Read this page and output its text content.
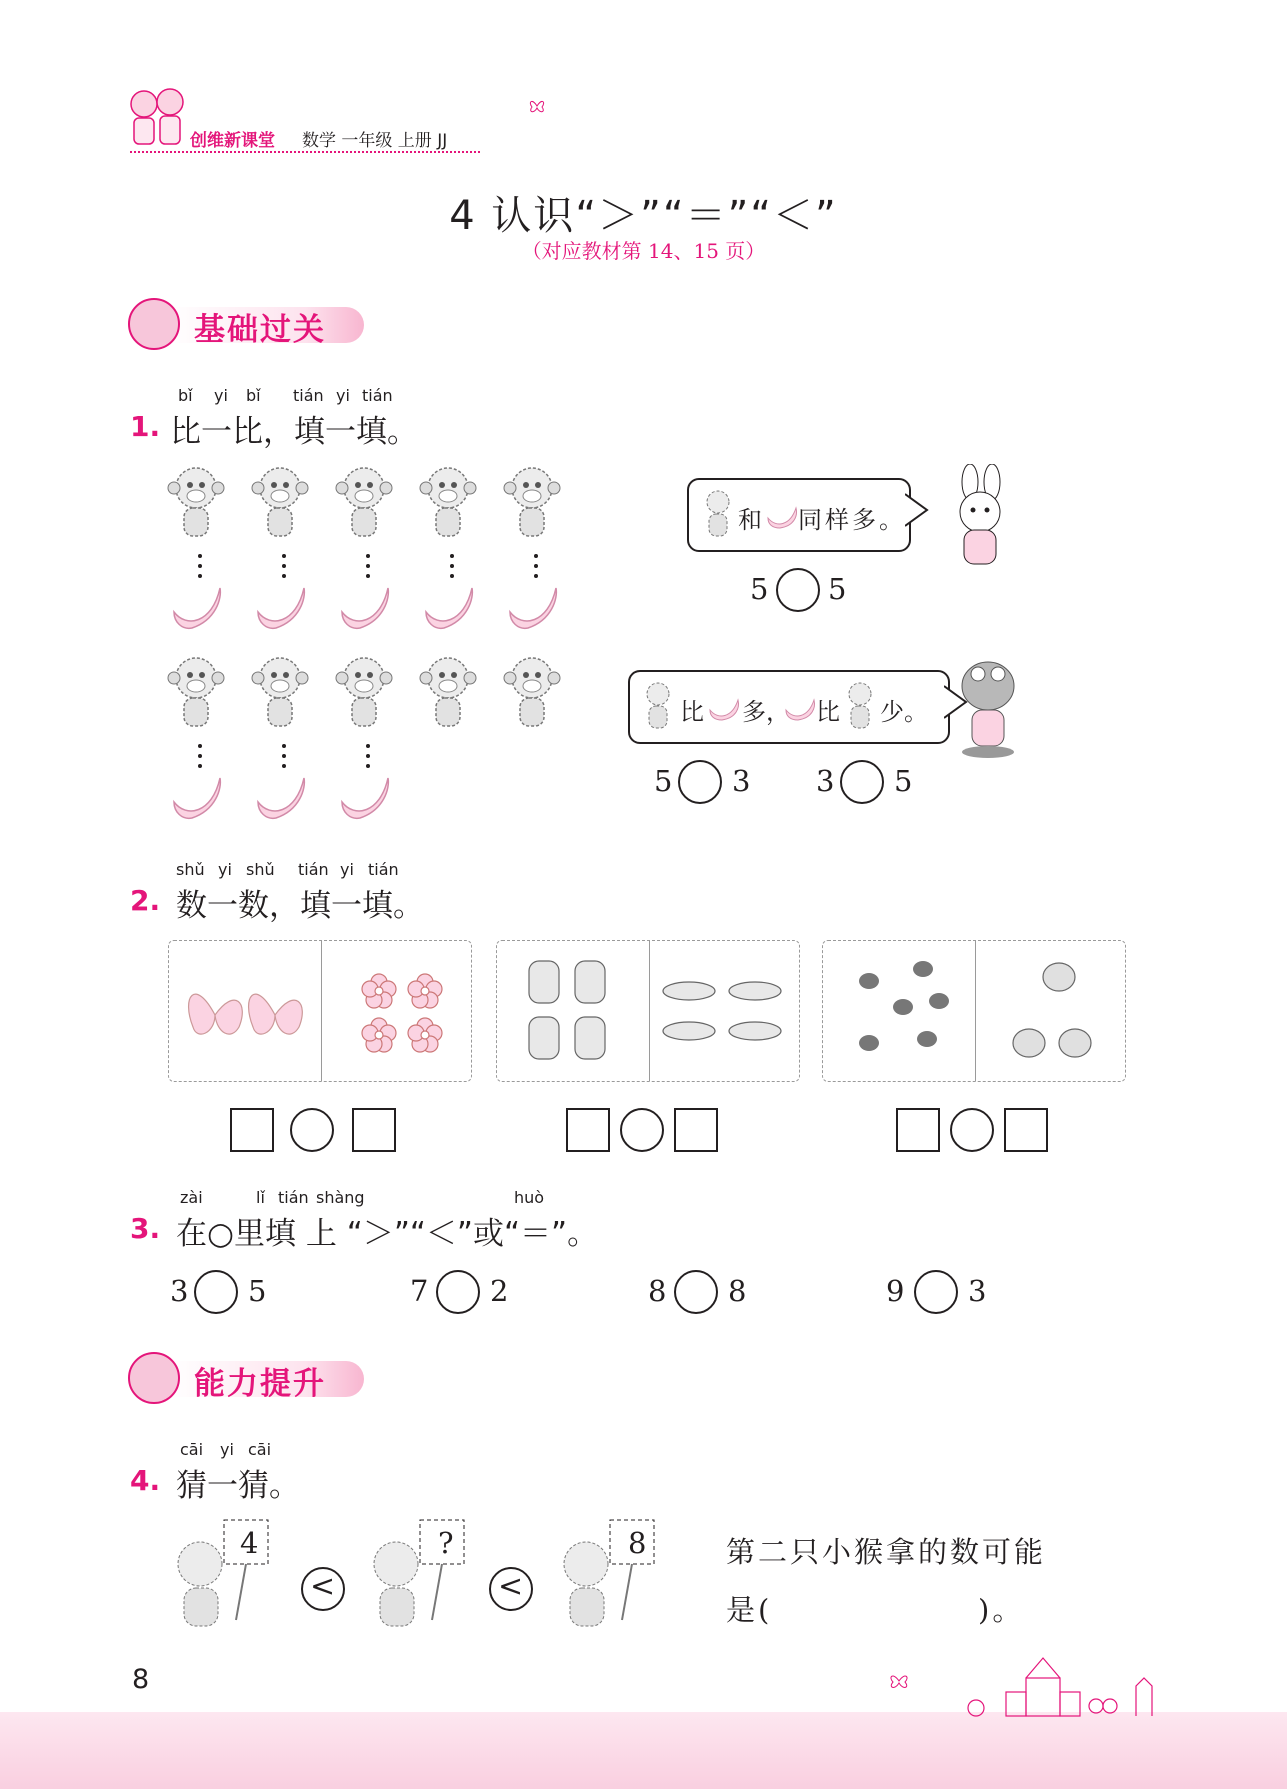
创维新课堂 数学 一年级 上册 JJ
4 认识“＞”“＝”“＜”
（对应教材第 14、15 页）
基础过关
bǐ yi bǐ tián yi tián
1. 比一比，填一填。
和 同样多。
5 5
比 多， 比 少。
5 3 3 5
shǔ yi shǔ tián yi tián
2. 数一数，填一填。
zài	lǐ tián shàng	huò
3. 在○里填 上 “＞”“＜”或“＝”。
3 5	7 2	8 8	9 3
能力提升
cāi yi cāi
4. 猜一猜。
4
<
?
<
8	第二只小猴拿的数可能
是(	)。
8
